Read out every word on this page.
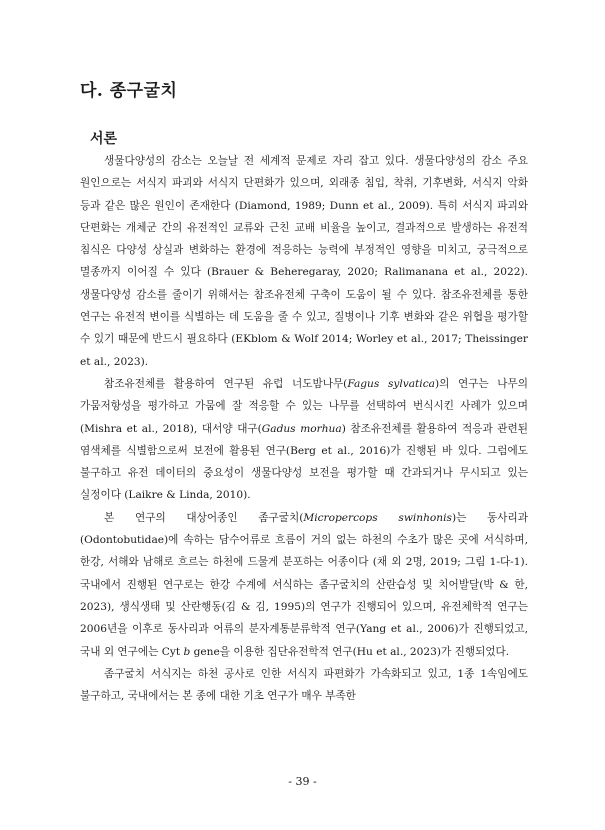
다. 종구굴치
서론

생물다양성의 감소는 오늘날 전 세계적 문제로 자리 잡고 있다. 생물다양성의 감소 주요 원인으로는 서식지 파괴와 서식지 단편화가 있으며, 외래종 침입, 착취, 기후변화, 서식지 악화 등과 같은 많은 원인이 존재한다 (Diamond, 1989; Dunn et al., 2009). 특히 서식지 파괴와 단편화는 개체군 간의 유전적인 교류와 근친 교배 비율을 높이고, 결과적으로 발생하는 유전적 침식은 다양성 상실과 변화하는 환경에 적응하는 능력에 부정적인 영향을 미치고, 궁극적으로 멸종까지 이어질 수 있다 (Brauer & Beheregaray, 2020; Ralimanana et al., 2022). 생물다양성 감소를 줄이기 위해서는 참조유전체 구축이 도움이 될 수 있다. 참조유전체를 통한 연구는 유전적 변이를 식별하는 데 도움을 줄 수 있고, 질병이나 기후 변화와 같은 위협을 평가할 수 있기 때문에 반드시 필요하다 (EKblom & Wolf 2014; Worley et al., 2017; Theissinger et al., 2023).

참조유전체를 활용하여 연구된 유럽 너도밤나무(Fagus sylvatica)의 연구는 나무의 가뭄저항성을 평가하고 가뭄에 잘 적응할 수 있는 나무를 선택하여 번식시킨 사례가 있으며(Mishra et al., 2018), 대서양 대구(Gadus morhua) 참조유전체를 활용하여 적응과 관련된 염색체를 식별함으로써 보전에 활용된 연구(Berg et al., 2016)가 진행된 바 있다. 그럼에도 불구하고 유전 데이터의 중요성이 생물다양성 보전을 평가할 때 간과되거나 무시되고 있는 실정이다 (Laikre & Linda, 2010).

본 연구의 대상어종인 좀구굴치(Micropercops swinhonis)는 동사리과(Odontobutidae)에 속하는 담수어류로 흐름이 거의 없는 하천의 수초가 많은 곳에 서식하며, 한강, 서해와 남해로 흐르는 하천에 드물게 분포하는 어종이다 (채 외 2명, 2019; 그림 1-다-1). 국내에서 진행된 연구로는 한강 수계에 서식하는 좀구굴치의 산란습성 및 치어발달(박 & 한, 2023), 생식생태 및 산란행동(김 & 김, 1995)의 연구가 진행되어 있으며, 유전체학적 연구는 2006년을 이후로 동사리과 어류의 분자계통분류학적 연구(Yang et al., 2006)가 진행되었고, 국내 외 연구에는 Cyt b gene을 이용한 집단유전학적 연구(Hu et al., 2023)가 진행되었다.

좀구굴치 서식지는 하천 공사로 인한 서식지 파편화가 가속화되고 있고, 1종 1속임에도 불구하고, 국내에서는 본 종에 대한 기초 연구가 매우 부족한

- 39 -
